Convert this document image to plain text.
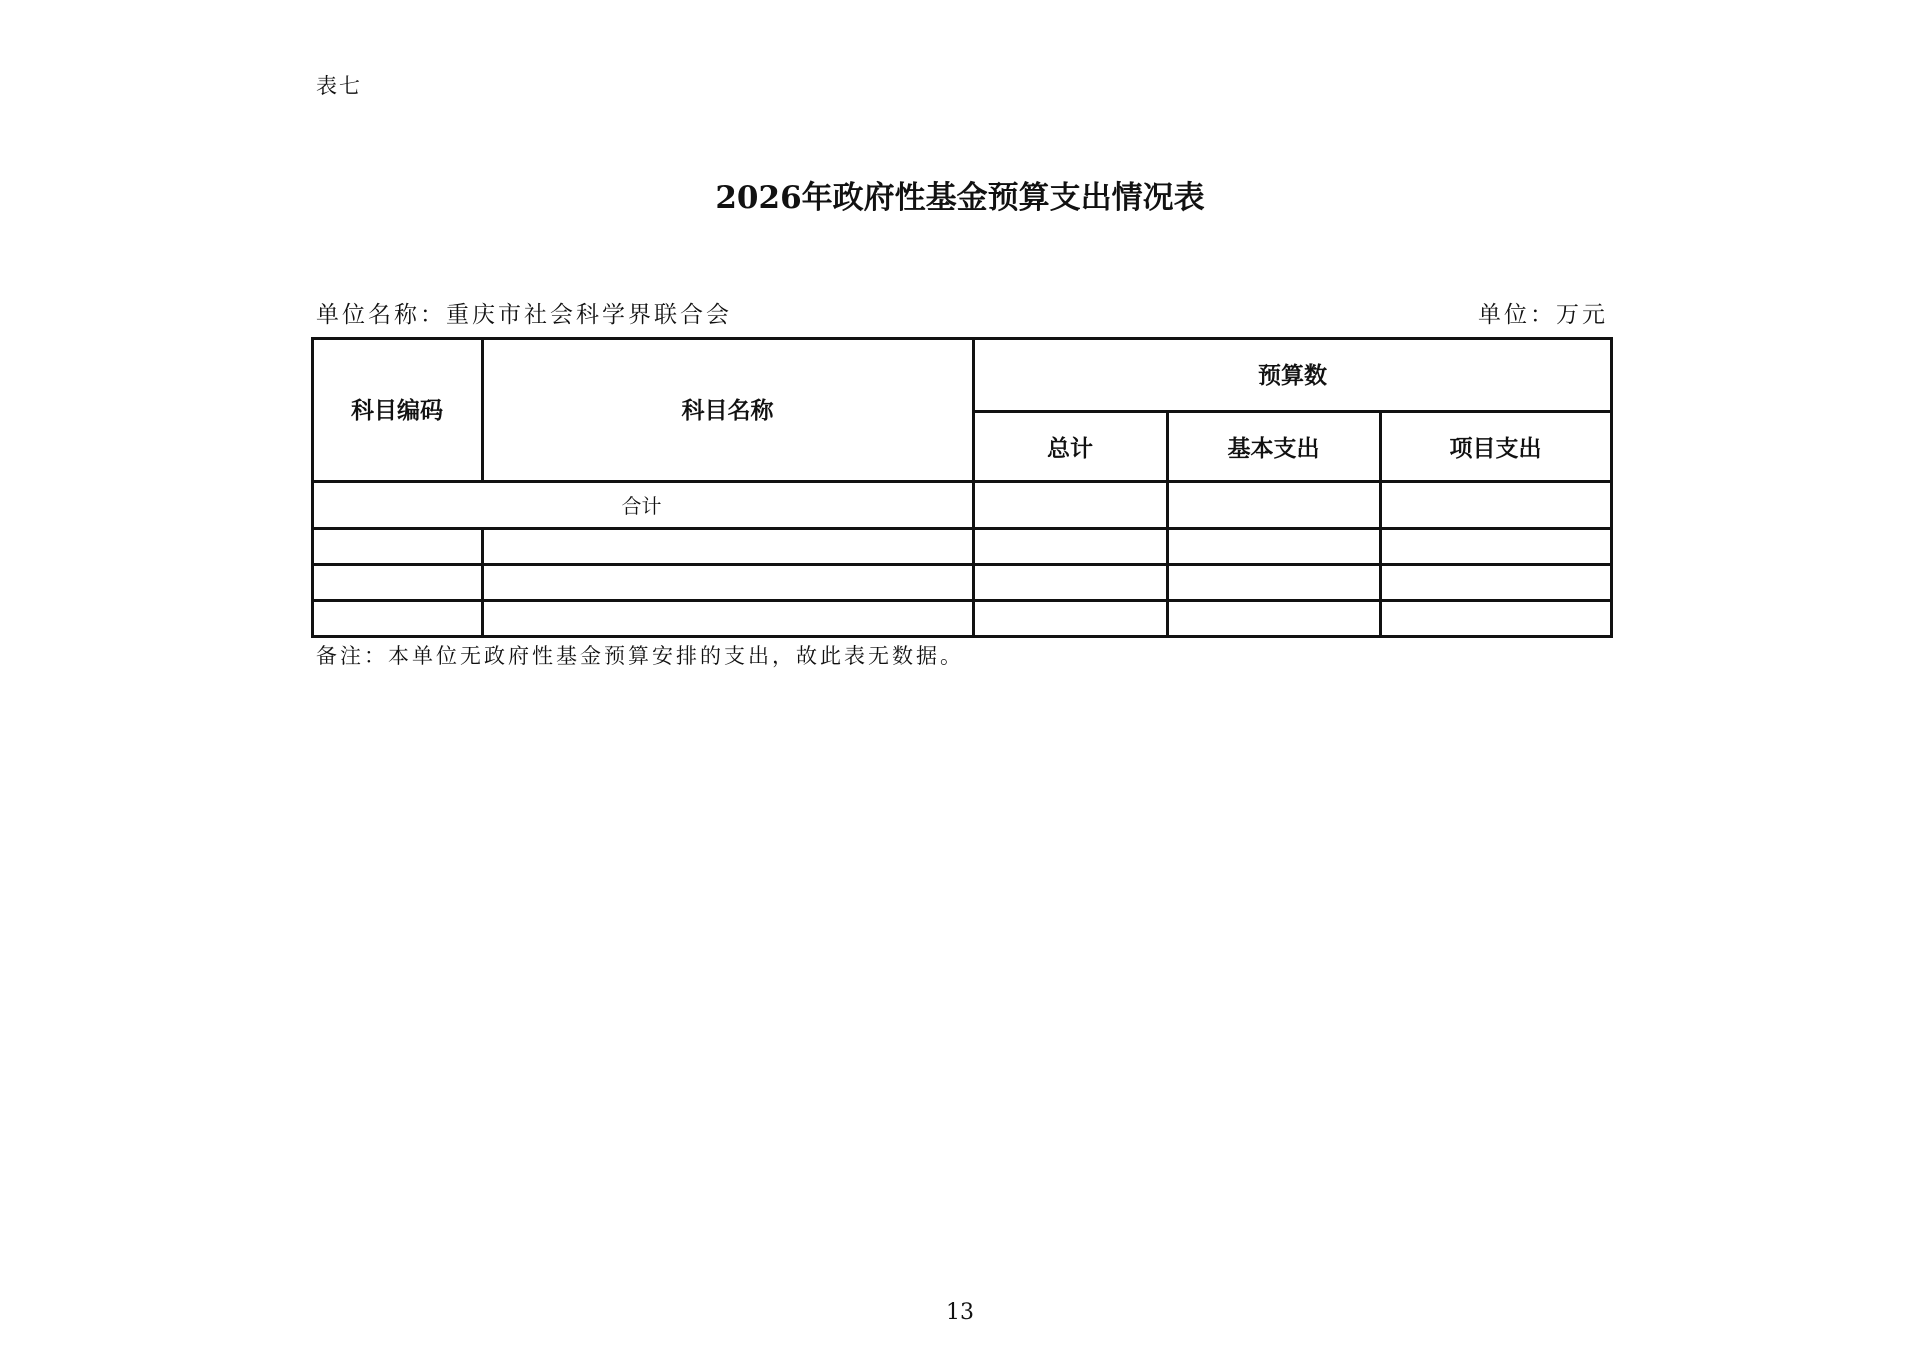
表七
2026年政府性基金预算支出情况表
单位名称：重庆市社会科学界联合会	单位：万元
科目编码	科目名称
预算数
总计	基本支出	项目支出
合计
备注：本单位无政府性基金预算安排的支出，故此表无数据。
13
